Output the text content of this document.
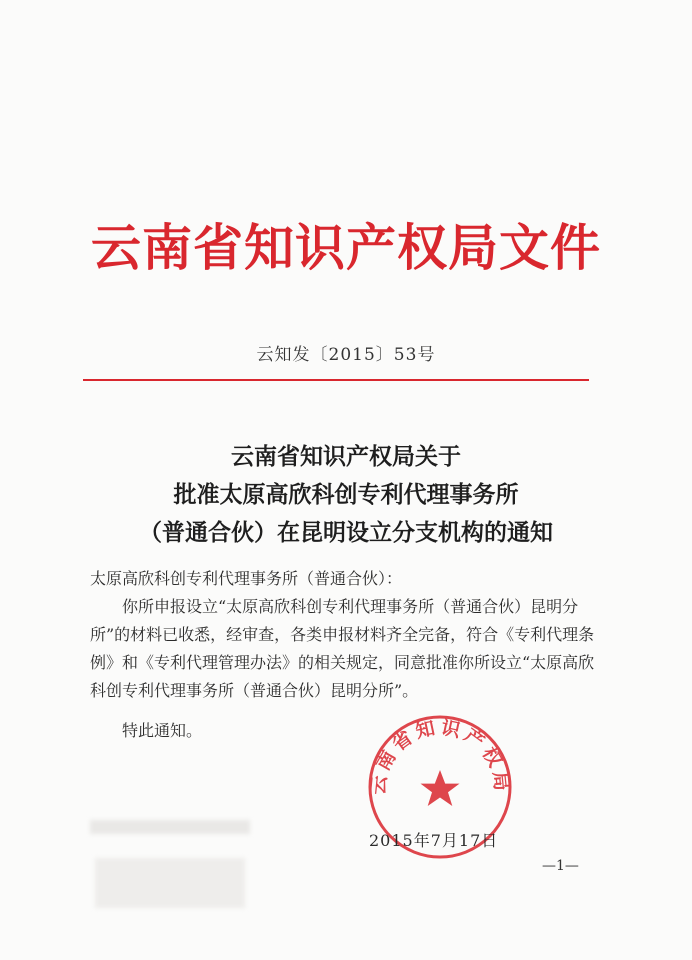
云南省知识产权局文件
云知发〔2015〕53号
云南省知识产权局关于
批准太原高欣科创专利代理事务所
（普通合伙）在昆明设立分支机构的通知

太原高欣科创专利代理事务所（普通合伙）：

你所申报设立“太原高欣科创专利代理事务所（普通合伙）昆明分所”的材料已收悉，经审查，各类申报材料齐全完备，符合《专利代理条例》和《专利代理管理办法》的相关规定，同意批准你所设立“太原高欣科创专利代理事务所（普通合伙）昆明分所”。

特此通知。

云南省知识产权局
2015年7月17日
—1—
